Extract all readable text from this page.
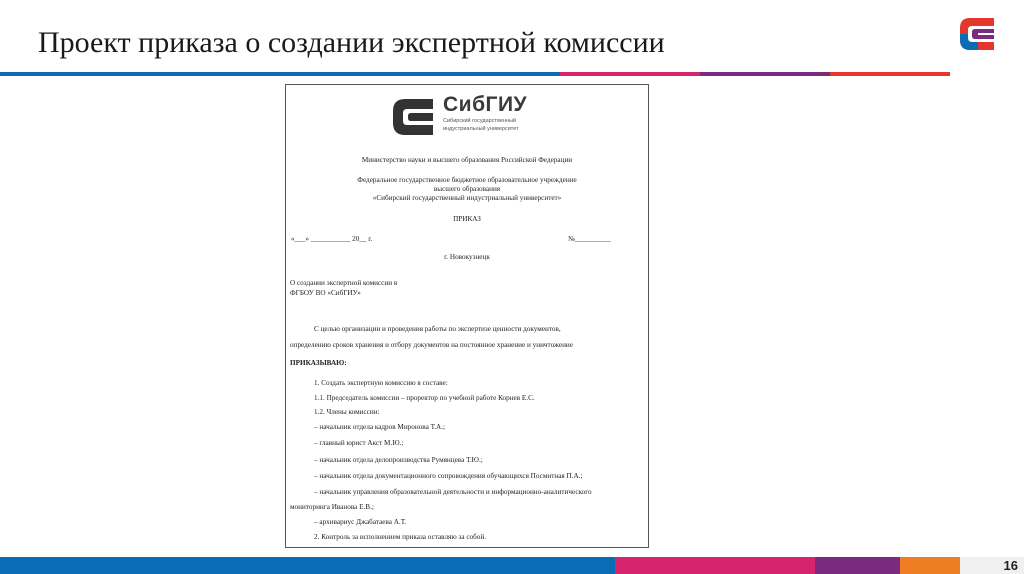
Проект приказа о создании экспертной комиссии
СибГИУ
Сибирский государственный индустриальный университет
Министерство науки и высшего образования Российской Федерации
Федеральное государственное бюджетное образовательное учреждение
высшего образования
«Сибирский государственный индустриальный университет»
ПРИКАЗ
«___» ___________ 20__ г.	№__________
г. Новокузнецк
О создании экспертной комиссии в
ФГБОУ ВО «СибГИУ»
С целью организации и проведения работы по экспертизе ценности документов,
определению сроков хранения и отбору документов на постоянное хранение и уничтожение
ПРИКАЗЫВАЮ:
1. Создать экспертную комиссию в составе:
1.1. Председатель комиссии – проректор по учебной работе Корнев Е.С.
1.2. Члены комиссии:
– начальник отдела кадров Миронова Т.А.;
– главный юрист Акст М.Ю.;
– начальник отдела делопроизводства Румянцева Т.Ю.;
– начальник отдела документационного сопровождения обучающихся Посмитная П.А.;
– начальник управления образовательной деятельности и информационно-аналитического
мониторинга Иванова Е.В.;
– архивариус Джабатаева А.Т.
2. Контроль за исполнением приказа оставляю за собой.
16
